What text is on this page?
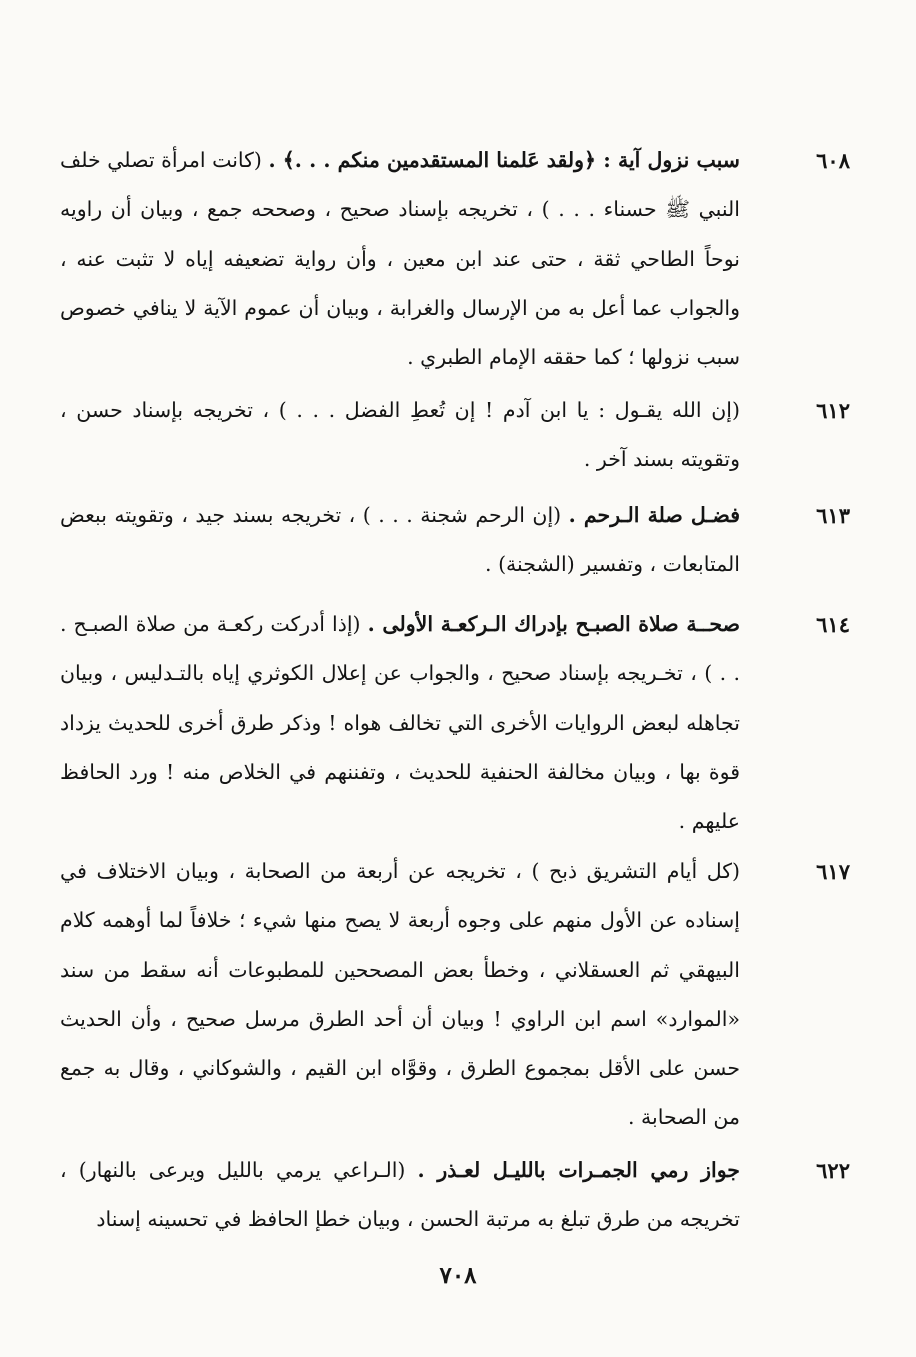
٦٠٨
سبب نزول آية : ﴿ولقد عَلمنا المستقدمين منكم . . .﴾ . (كانت امرأة تصلي خلف النبي ﷺ حسناء . . . ) ، تخريجه بإسناد صحيح ، وصححه جمع ، وبيان أن راويه نوحاً الطاحي ثقة ، حتى عند ابن معين ، وأن رواية تضعيفه إياه لا تثبت عنه ، والجواب عما أعل به من الإرسال والغرابة ، وبيان أن عموم الآية لا ينافي خصوص سبب نزولها ؛ كما حققه الإمام الطبري .
٦١٢
(إن الله يقـول : يا ابن آدم ! إن تُعطِ الفضل . . . ) ، تخريجه بإسناد حسن ، وتقويته بسند آخر .
٦١٣
فضـل صلة الـرحم . (إن الرحم شجنة . . . ) ، تخريجه بسند جيد ، وتقويته ببعض المتابعات ، وتفسير (الشجنة) .
٦١٤
صحــة صلاة الصبـح بإدراك الـركعـة الأولى . (إذا أدركت ركعـة من صلاة الصبـح . . . ) ، تخـريجه بإسناد صحيح ، والجواب عن إعلال الكوثري إياه بالتـدليس ، وبيان تجاهله لبعض الروايات الأخرى التي تخالف هواه ! وذكر طرق أخرى للحديث يزداد قوة بها ، وبيان مخالفة الحنفية للحديث ، وتفننهم في الخلاص منه ! ورد الحافظ عليهم .
٦١٧
(كل أيام التشريق ذبح ) ، تخريجه عن أربعة من الصحابة ، وبيان الاختلاف في إسناده عن الأول منهم على وجوه أربعة لا يصح منها شيء ؛ خلافاً لما أوهمه كلام البيهقي ثم العسقلاني ، وخطأ بعض المصححين للمطبوعات أنه سقط من سند «الموارد» اسم ابن الراوي ! وبيان أن أحد الطرق مرسل صحيح ، وأن الحديث حسن على الأقل بمجموع الطرق ، وقوَّاه ابن القيم ، والشوكاني ، وقال به جمع من الصحابة .
٦٢٢
جواز رمي الجمـرات بالليـل لعـذر . (الـراعي يرمي بالليل ويرعى بالنهار) ، تخريجه من طرق تبلغ به مرتبة الحسن ، وبيان خطإ الحافظ في تحسينه إسناد
٧٠٨
